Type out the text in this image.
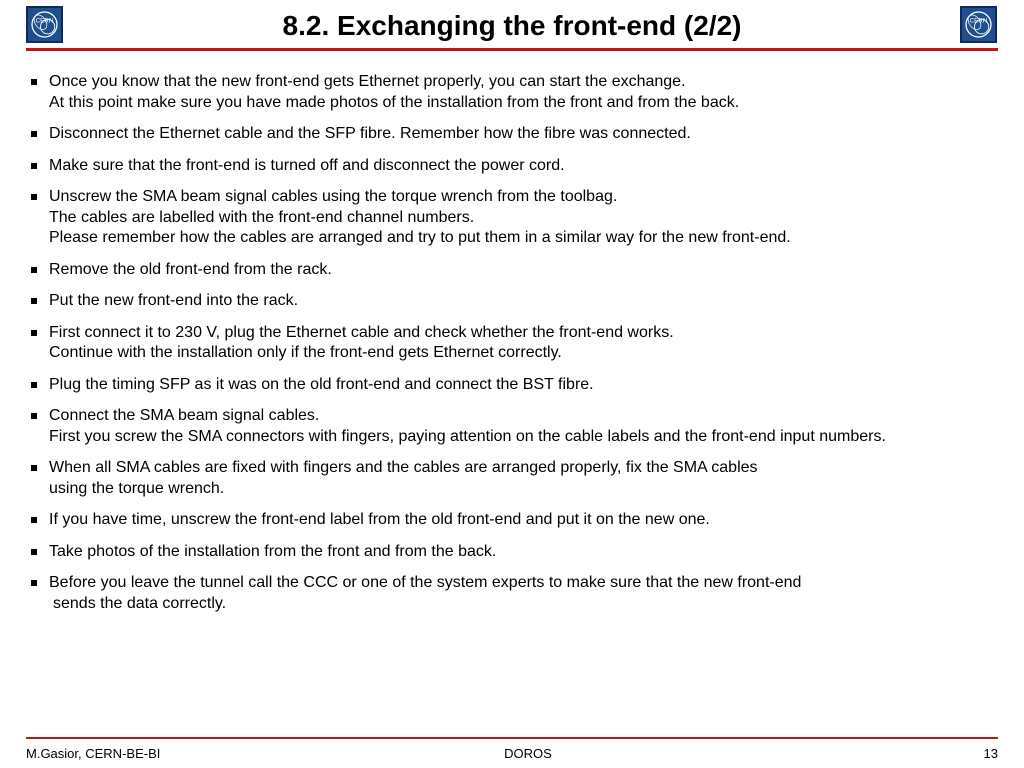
CERN	8.2. Exchanging the front-end (2/2)	CERN
Once you know that the new front-end gets Ethernet properly, you can start the exchange.
At this point make sure you have made photos of the installation from the front and from the back.
Disconnect the Ethernet cable and the SFP fibre. Remember how the fibre was connected.
Make sure that the front-end is turned off and disconnect the power cord.
Unscrew the SMA beam signal cables using the torque wrench from the toolbag.
The cables are labelled with the front-end channel numbers.
Please remember how the cables are arranged and try to put them in a similar way for the new front-end.
Remove the old front-end from the rack.
Put the new front-end into the rack.
First connect it to 230 V, plug the Ethernet cable and check whether the front-end works.
Continue with the installation only if the front-end gets Ethernet correctly.
Plug the timing SFP as it was on the old front-end and connect the BST fibre.
Connect the SMA beam signal cables.
First you screw the SMA connectors with fingers, paying attention on the cable labels and the front-end input numbers.
When all SMA cables are fixed with fingers and the cables are arranged properly, fix the SMA cables
using the torque wrench.
If you have time, unscrew the front-end label from the old front-end and put it on the new one.
Take photos of the installation from the front and from the back.
Before you leave the tunnel call the CCC or one of the system experts to make sure that the new front-end
sends the data correctly.
M.Gasior, CERN-BE-BI	DOROS	13
